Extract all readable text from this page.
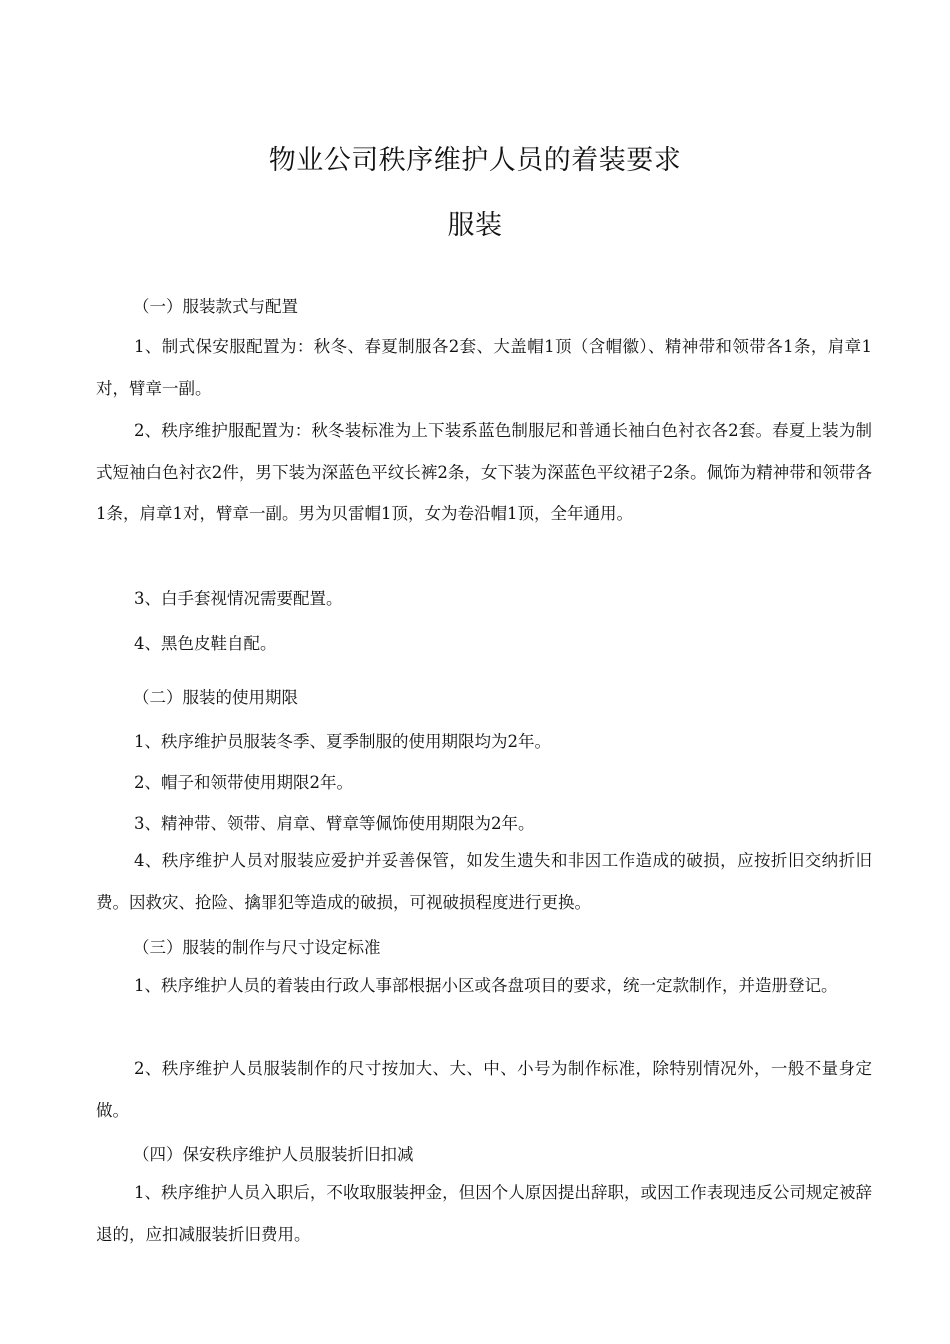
物业公司秩序维护人员的着装要求
服装

（一）服装款式与配置

1、制式保安服配置为：秋冬、春夏制服各2套、大盖帽1顶（含帽徽）、精神带和领带各1条，肩章1对，臂章一副。

2、秩序维护服配置为：秋冬装标准为上下装系蓝色制服尼和普通长袖白色衬衣各2套。春夏上装为制式短袖白色衬衣2件，男下装为深蓝色平纹长裤2条，女下装为深蓝色平纹裙子2条。佩饰为精神带和领带各1条，肩章1对，臂章一副。男为贝雷帽1顶，女为卷沿帽1顶，全年通用。

3、白手套视情况需要配置。

4、黑色皮鞋自配。

（二）服装的使用期限

1、秩序维护员服装冬季、夏季制服的使用期限均为2年。

2、帽子和领带使用期限2年。

3、精神带、领带、肩章、臂章等佩饰使用期限为2年。

4、秩序维护人员对服装应爱护并妥善保管，如发生遗失和非因工作造成的破损，应按折旧交纳折旧费。因救灾、抢险、擒罪犯等造成的破损，可视破损程度进行更换。

（三）服装的制作与尺寸设定标准

1、秩序维护人员的着装由行政人事部根据小区或各盘项目的要求，统一定款制作，并造册登记。

2、秩序维护人员服装制作的尺寸按加大、大、中、小号为制作标准，除特别情况外，一般不量身定做。

（四）保安秩序维护人员服装折旧扣减

1、秩序维护人员入职后，不收取服装押金，但因个人原因提出辞职，或因工作表现违反公司规定被辞退的，应扣减服装折旧费用。
